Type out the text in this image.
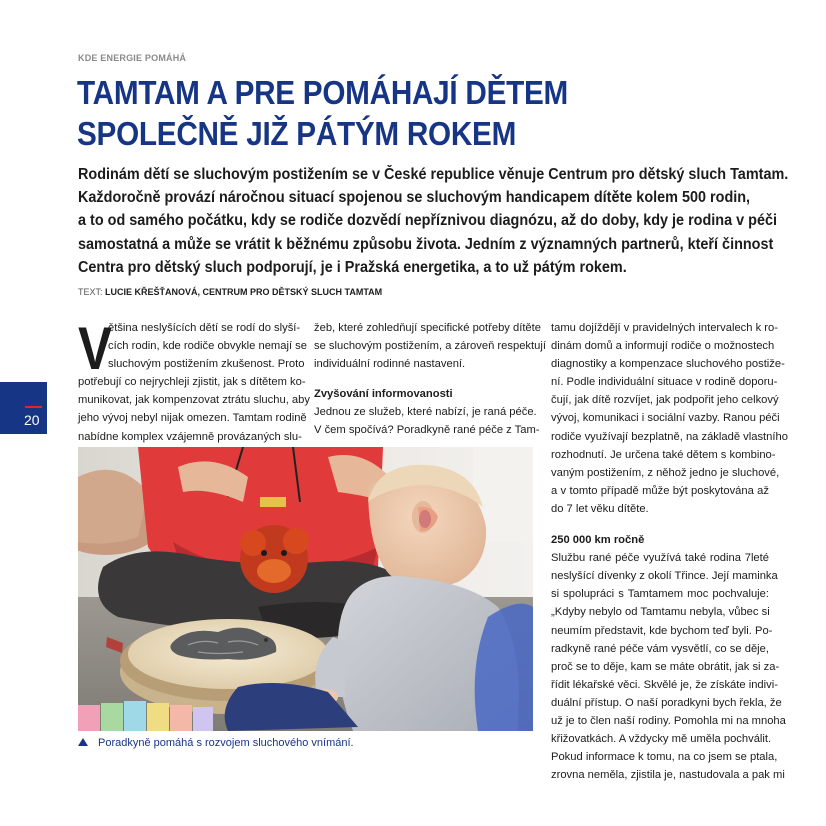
KDE ENERGIE POMÁHÁ
TAMTAM A PRE POMÁHAJÍ DĚTEM
SPOLEČNĚ JIŽ PÁTÝM ROKEM

Rodinám dětí se sluchovým postižením se v České republice věnuje Centrum pro dětský sluch Tamtam.
Každoročně provází náročnou situací spojenou se sluchovým handicapem dítěte kolem 500 rodin,
a to od samého počátku, kdy se rodiče dozvědí nepříznivou diagnózu, až do doby, kdy je rodina v péči
samostatná a může se vrátit k běžnému způsobu života. Jedním z významných partnerů, kteří činnost
Centra pro dětský sluch podporují, je i Pražská energetika, a to už pátým rokem.

TEXT: LUCIE KŘEŠŤANOVÁ, CENTRUM PRO DĚTSKÝ SLUCH TAMTAM
20
V
ětšina neslyšících dětí se rodí do slyší-
cích rodin, kde rodiče obvykle nemají se
sluchovým postižením zkušenost. Proto
potřebují co nejrychleji zjistit, jak s dítětem ko-
munikovat, jak kompenzovat ztrátu sluchu, aby
jeho vývoj nebyl nijak omezen. Tamtam rodině
nabídne komplex vzájemně provázaných slu-
žeb, které zohledňují specifické potřeby dítěte
se sluchovým postižením, a zároveň respektují
individuální rodinné nastavení.
Zvyšování informovanosti
Jednou ze služeb, které nabízí, je raná péče.
V čem spočívá? Poradkyně rané péče z Tam-
tamu dojíždějí v pravidelných intervalech k ro-
dinám domů a informují rodiče o možnostech
diagnostiky a kompenzace sluchového postiže-
ní. Podle individuální situace v rodině doporu-
čují, jak dítě rozvíjet, jak podpořit jeho celkový
vývoj, komunikaci i sociální vazby. Ranou péči
rodiče využívají bezplatně, na základě vlastního
rozhodnutí. Je určena také dětem s kombino-
vaným postižením, z něhož jedno je sluchové,
a v tomto případě může být poskytována až
do 7 let věku dítěte.
250 000 km ročně
Službu rané péče využívá také rodina 7leté
neslyšící dívenky z okolí Třince. Její maminka
si spolupráci s Tamtamem moc pochvaluje:
„Kdyby nebylo od Tamtamu nebyla, vůbec si
neumím představit, kde bychom teď byli. Po-
radkyně rané péče vám vysvětlí, co se děje,
proč se to děje, kam se máte obrátit, jak si za-
řídit lékařské věci. Skvělé je, že získáte indivi-
duální přístup. O naší poradkyni bych řekla, že
už je to člen naší rodiny. Pomohla mi na mnoha
křižovatkách. A vždycky mě uměla pochválit.
Pokud informace k tomu, na co jsem se ptala,
zrovna neměla, zjistila je, nastudovala a pak mi
Poradkyně pomáhá s rozvojem sluchového vnímání.
